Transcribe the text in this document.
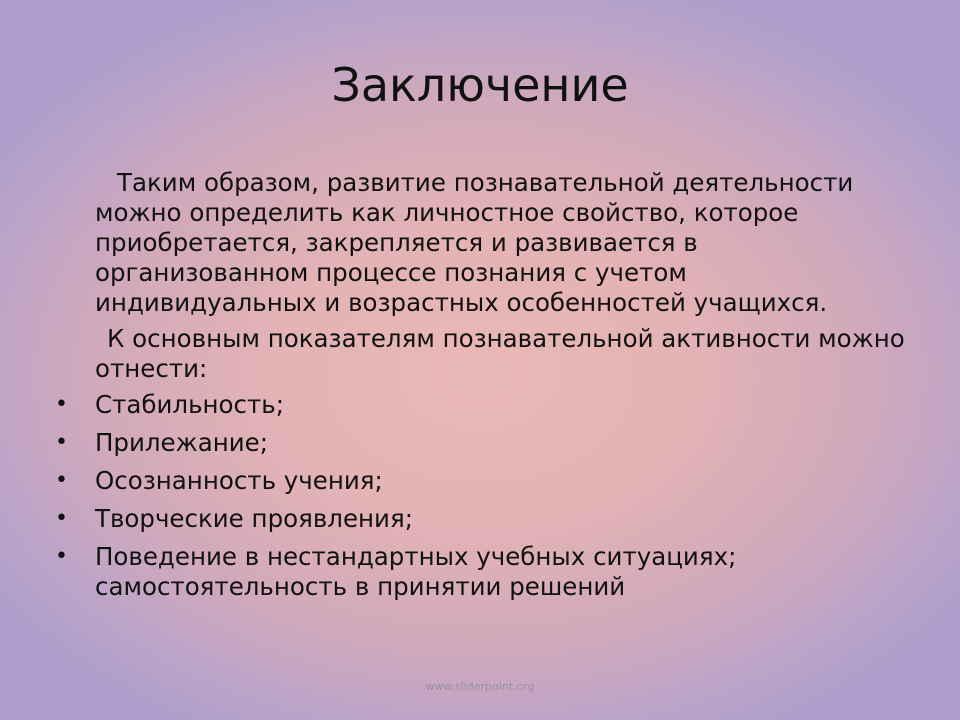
Заключение

Таким образом, развитие познавательной деятельности можно определить как личностное свойство, которое приобретается, закрепляется и развивается в организованном процессе познания с учетом индивидуальных и возрастных особенностей учащихся.

К основным показателям познавательной активности можно отнести:

• Стабильность;
• Прилежание;
• Осознанность учения;
• Творческие проявления;
• Поведение в нестандартных учебных ситуациях; самостоятельность в принятии решений
www.sliderpoint.org
